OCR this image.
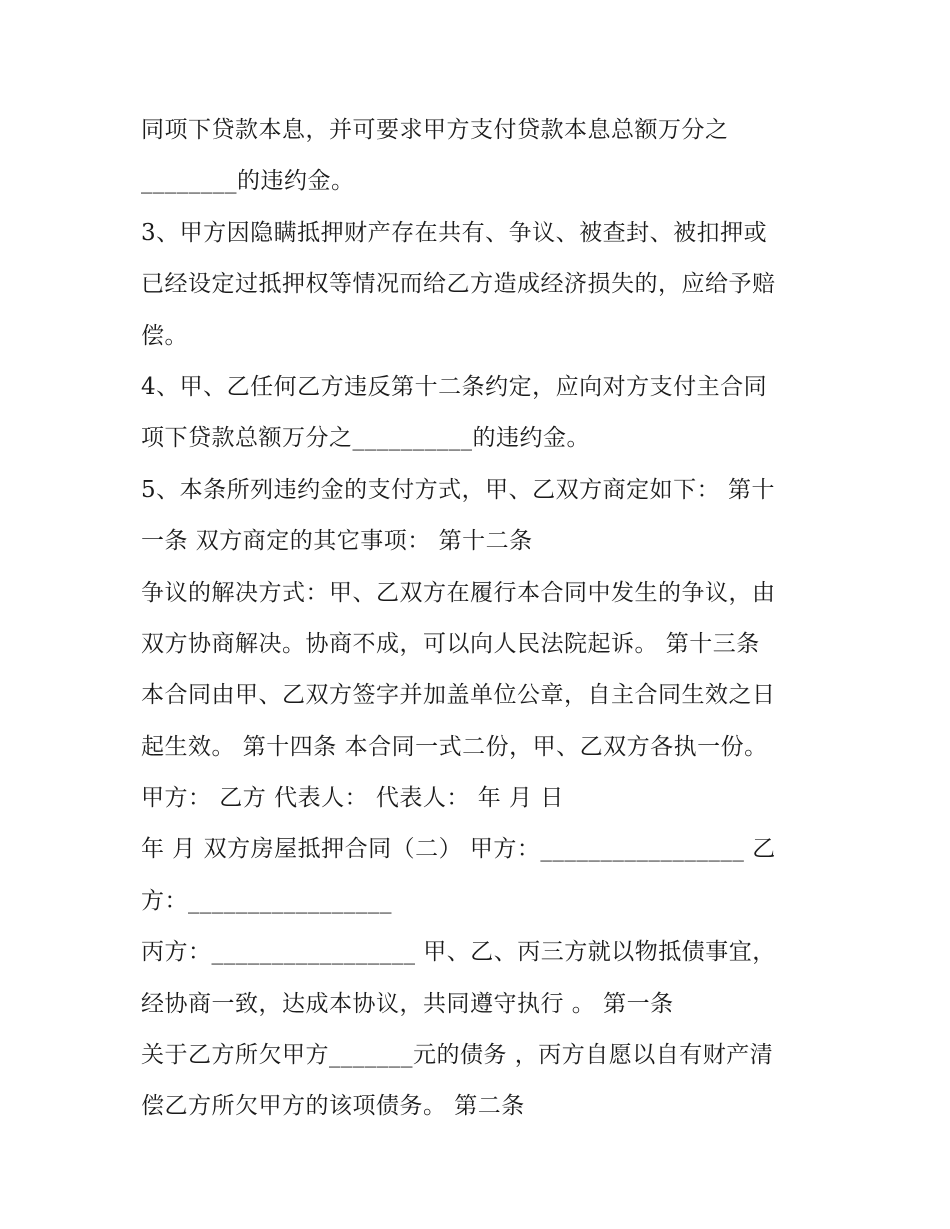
同项下贷款本息，并可要求甲方支付贷款本息总额万分之
________的违约金。
3、甲方因隐瞒抵押财产存在共有、争议、被查封、被扣押或
已经设定过抵押权等情况而给乙方造成经济损失的，应给予赔
偿。
4、甲、乙任何乙方违反第十二条约定，应向对方支付主合同
项下贷款总额万分之__________的违约金。
5、本条所列违约金的支付方式，甲、乙双方商定如下： 第十
一条 双方商定的其它事项： 第十二条
争议的解决方式：甲、乙双方在履行本合同中发生的争议，由
双方协商解决。协商不成，可以向人民法院起诉。 第十三条
本合同由甲、乙双方签字并加盖单位公章，自主合同生效之日
起生效。 第十四条 本合同一式二份，甲、乙双方各执一份。
甲方： 乙方 代表人： 代表人： 年 月 日
年 月 双方房屋抵押合同（二） 甲方：_________________ 乙
方：_________________
丙方：_________________ 甲、乙、丙三方就以物抵债事宜，
经协商一致，达成本协议，共同遵守执行 。 第一条
关于乙方所欠甲方_______元的债务 ，丙方自愿以自有财产清
偿乙方所欠甲方的该项债务。 第二条
